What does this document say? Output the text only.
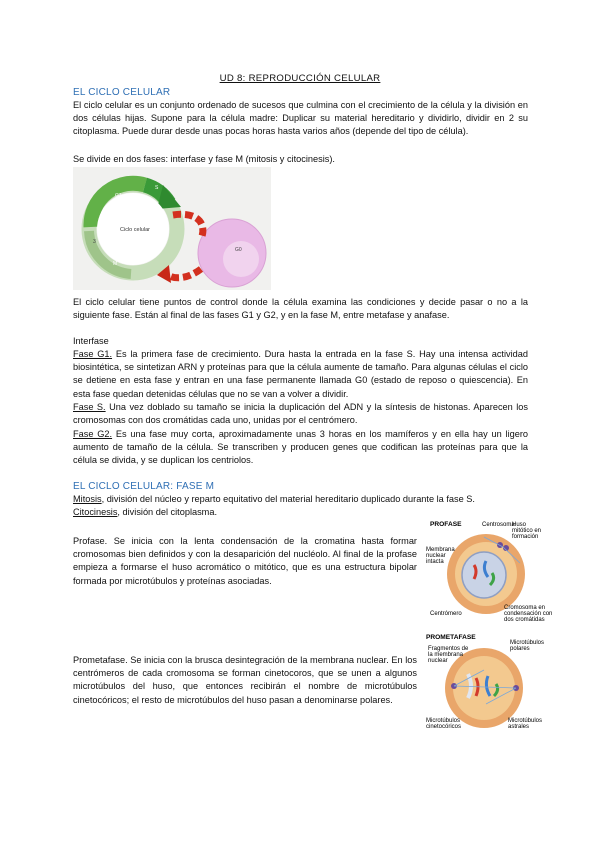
UD 8: REPRODUCCIÓN CELULAR
EL CICLO CELULAR
El ciclo celular es un conjunto ordenado de sucesos que culmina con el crecimiento de la célula y la división en dos células hijas. Supone para la célula madre: Duplicar su material hereditario y dividirlo, dividir en 2 su citoplasma. Puede durar desde unas pocas horas hasta varios años (depende del tipo de célula).
Se divide en dos fases: interfase y fase M (mitosis y citocinesis).
Ciclo celular
G1
S
G2
3
M
G0
El ciclo celular tiene puntos de control donde la célula examina las condiciones y decide pasar o no a la siguiente fase. Están al final de las fases G1 y G2, y en la fase M, entre metafase y anafase.
Interfase
Fase G1. Es la primera fase de crecimiento. Dura hasta la entrada en la fase S. Hay una intensa actividad biosintética, se sintetizan ARN y proteínas para que la célula aumente de tamaño. Para algunas células el ciclo se detiene en esta fase y entran en una fase permanente llamada G0 (estado de reposo o quiescencia). En esta fase quedan detenidas células que no se van a volver a dividir.
Fase S. Una vez doblado su tamaño se inicia la duplicación del ADN y la síntesis de histonas. Aparecen los cromosomas con dos cromátidas cada uno, unidas por el centrómero.
Fase G2. Es una fase muy corta, aproximadamente unas 3 horas en los mamíferos y en ella hay un ligero aumento de tamaño de la célula. Se transcriben y producen genes que codifican las proteínas para que la célula se divida, y se duplican los centriolos.
EL CICLO CELULAR: FASE M
Mitosis, división del núcleo y reparto equitativo del material hereditario duplicado durante la fase S.
Citocinesis, división del citoplasma.
Profase. Se inicia con la lenta condensación de la cromatina hasta formar cromosomas bien definidos y con la desaparición del nucléolo. Al final de la profase empieza a formarse el huso acromático o mitótico, que es una estructura bipolar formada por microtúbulos y proteínas asociadas.
Prometafase. Se inicia con la brusca desintegración de la membrana nuclear. En los centrómeros de cada cromosoma se forman cinetocoros, que se unen a algunos microtúbulos del huso, que entonces recibirán el nombre de microtúbulos cinetocóricos; el resto de microtúbulos del huso pasan a denominarse polares.
PROFASE	Centrosoma
Huso
mitótico en
formación
Membrana
nuclear
intacta
Centrómero
Cromosoma en
condensación con
dos cromátidas
PROMETAFASE
Fragmentos de
la membrana
nuclear
Microtúbulos
polares
Microtúbulos
cinetocóricos
Microtúbulos
astrales
